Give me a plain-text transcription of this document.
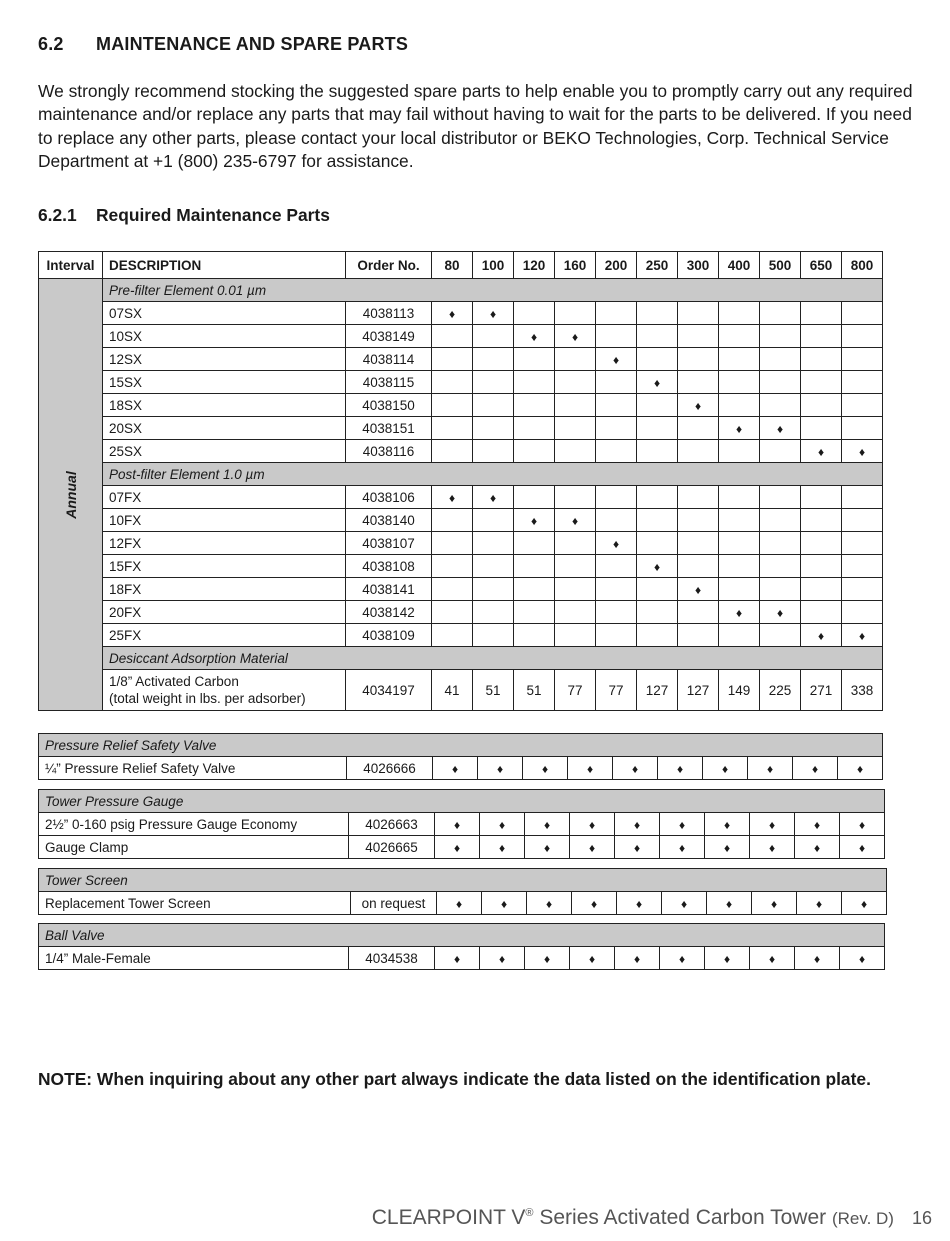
6.2 MAINTENANCE AND SPARE PARTS

We strongly recommend stocking the suggested spare parts to help enable you to promptly carry out any required maintenance and/or replace any parts that may fail without having to wait for the parts to be delivered. If you need to replace any other parts, please contact your local distributor or BEKO Technologies, Corp. Technical Service Department at +1 (800) 235-6797 for assistance.

6.2.1 Required Maintenance Parts
Interval	DESCRIPTION	Order No.	80	100	120	160	200	250	300	400	500	650	800

Annual	Pre-filter Element 0.01 µm												
	07SX	4038113	♦	♦									
	10SX	4038149			♦	♦							
	12SX	4038114					♦						
	15SX	4038115						♦					
	18SX	4038150							♦				
	20SX	4038151								♦	♦		
	25SX	4038116										♦	♦
	Post-filter Element 1.0 µm												
	07FX	4038106	♦	♦									
	10FX	4038140			♦	♦							
	12FX	4038107					♦						
	15FX	4038108						♦					
	18FX	4038141							♦				
	20FX	4038142								♦	♦		
	25FX	4038109										♦	♦
	Desiccant Adsorption Material												
	1/8” Activated Carbon
(total weight in lbs. per adsorber)	4034197	41	51	51	77	77	127	127	149	225	271	338
Pressure Relief Safety Valve
¼” Pressure Relief Safety Valve	4026666	♦	♦	♦	♦	♦	♦	♦	♦	♦	♦
Tower Pressure Gauge											
2½” 0-160 psig Pressure Gauge Economy	4026663	♦	♦	♦	♦	♦	♦	♦	♦	♦	♦
Gauge Clamp	4026665	♦	♦	♦	♦	♦	♦	♦	♦	♦	♦
Tower Screen
Replacement Tower Screen	on request	♦	♦	♦	♦	♦	♦	♦	♦	♦	♦
Ball Valve
1/4” Male-Female	4034538	♦	♦	♦	♦	♦	♦	♦	♦	♦	♦
NOTE: When inquiring about any other part always indicate the data listed on the identification plate.
CLEARPOINT V® Series Activated Carbon Tower (Rev. D) 16
